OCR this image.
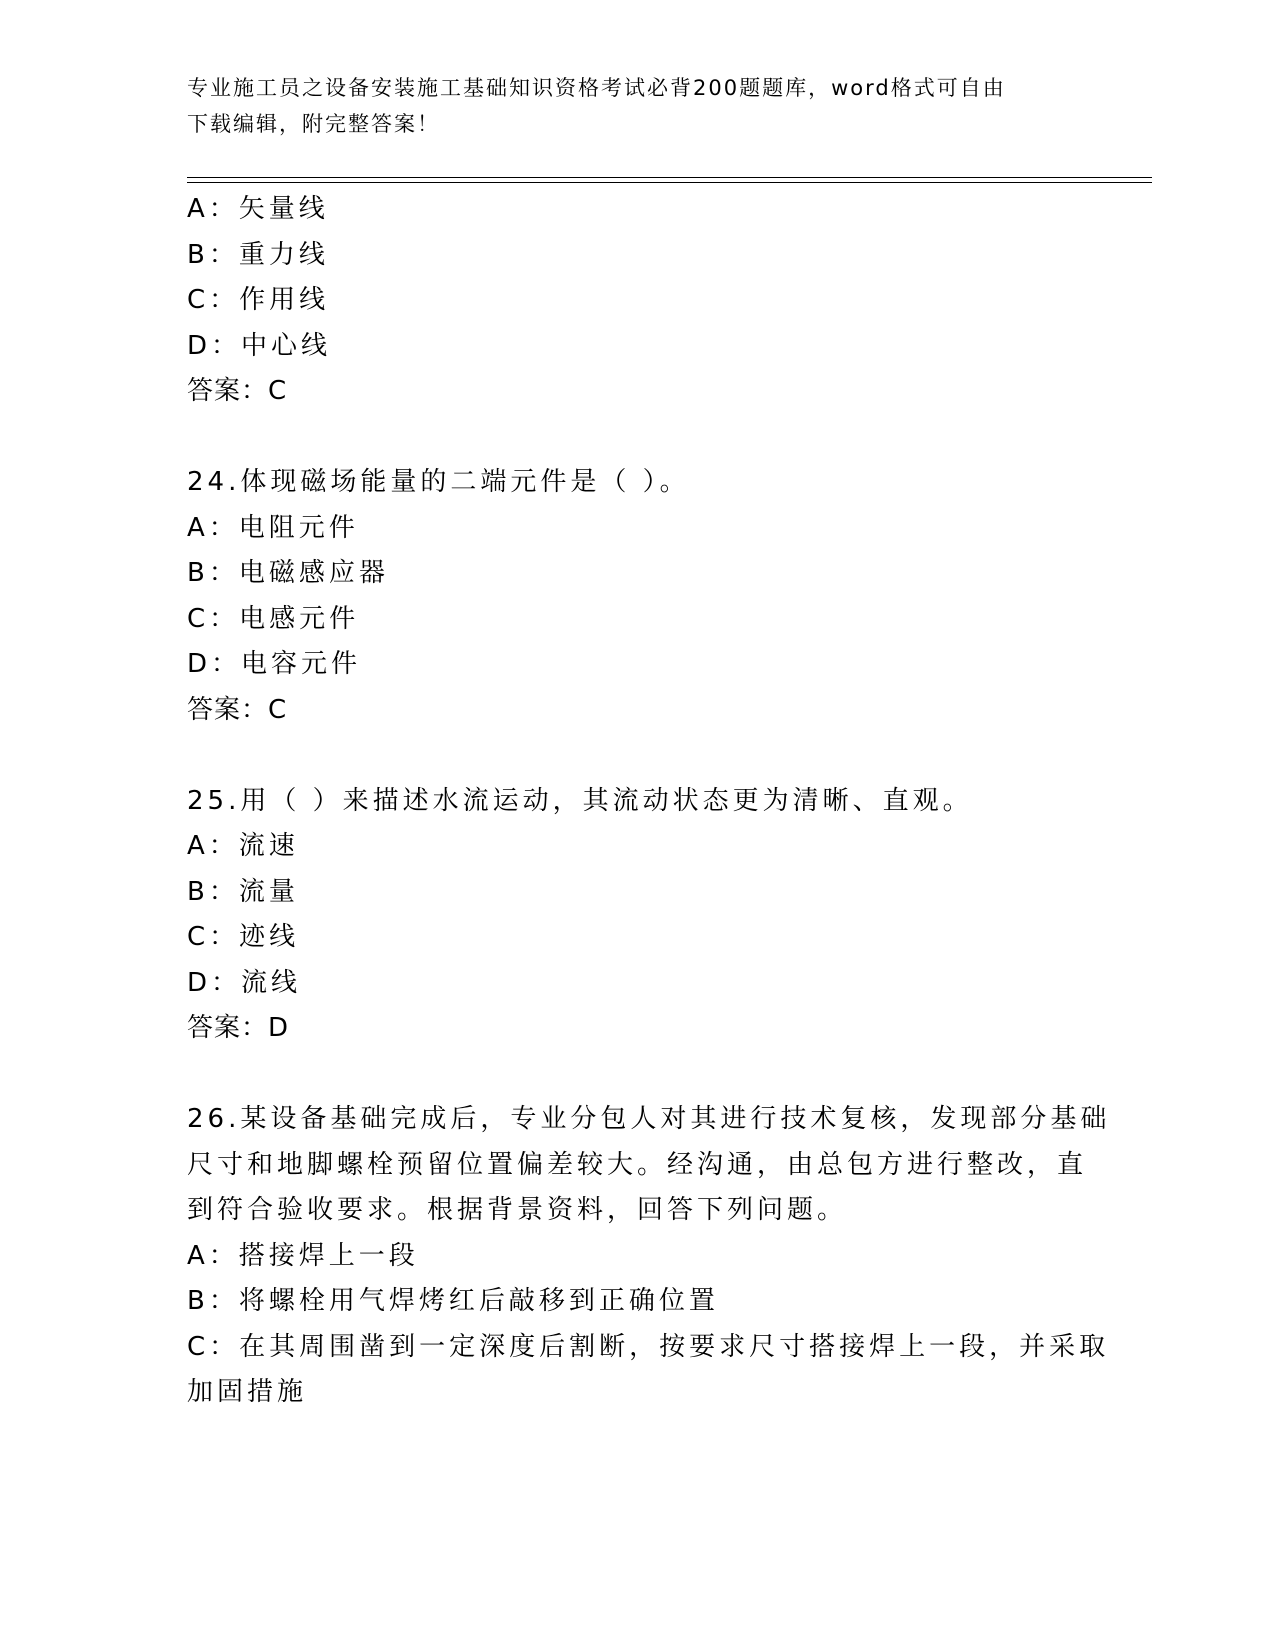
专业施工员之设备安装施工基础知识资格考试必背200题题库，word格式可自由
下载编辑，附完整答案！
A：矢量线
B：重力线
C：作用线
D：中心线
答案：C
24.体现磁场能量的二端元件是（ ）。
A：电阻元件
B：电磁感应器
C：电感元件
D：电容元件
答案：C
25.用（ ）来描述水流运动，其流动状态更为清晰、直观。
A：流速
B：流量
C：迹线
D：流线
答案：D
26.某设备基础完成后，专业分包人对其进行技术复核，发现部分基础
尺寸和地脚螺栓预留位置偏差较大。经沟通，由总包方进行整改，直
到符合验收要求。根据背景资料，回答下列问题。
A：搭接焊上一段
B：将螺栓用气焊烤红后敲移到正确位置
C：在其周围凿到一定深度后割断，按要求尺寸搭接焊上一段，并采取
加固措施
